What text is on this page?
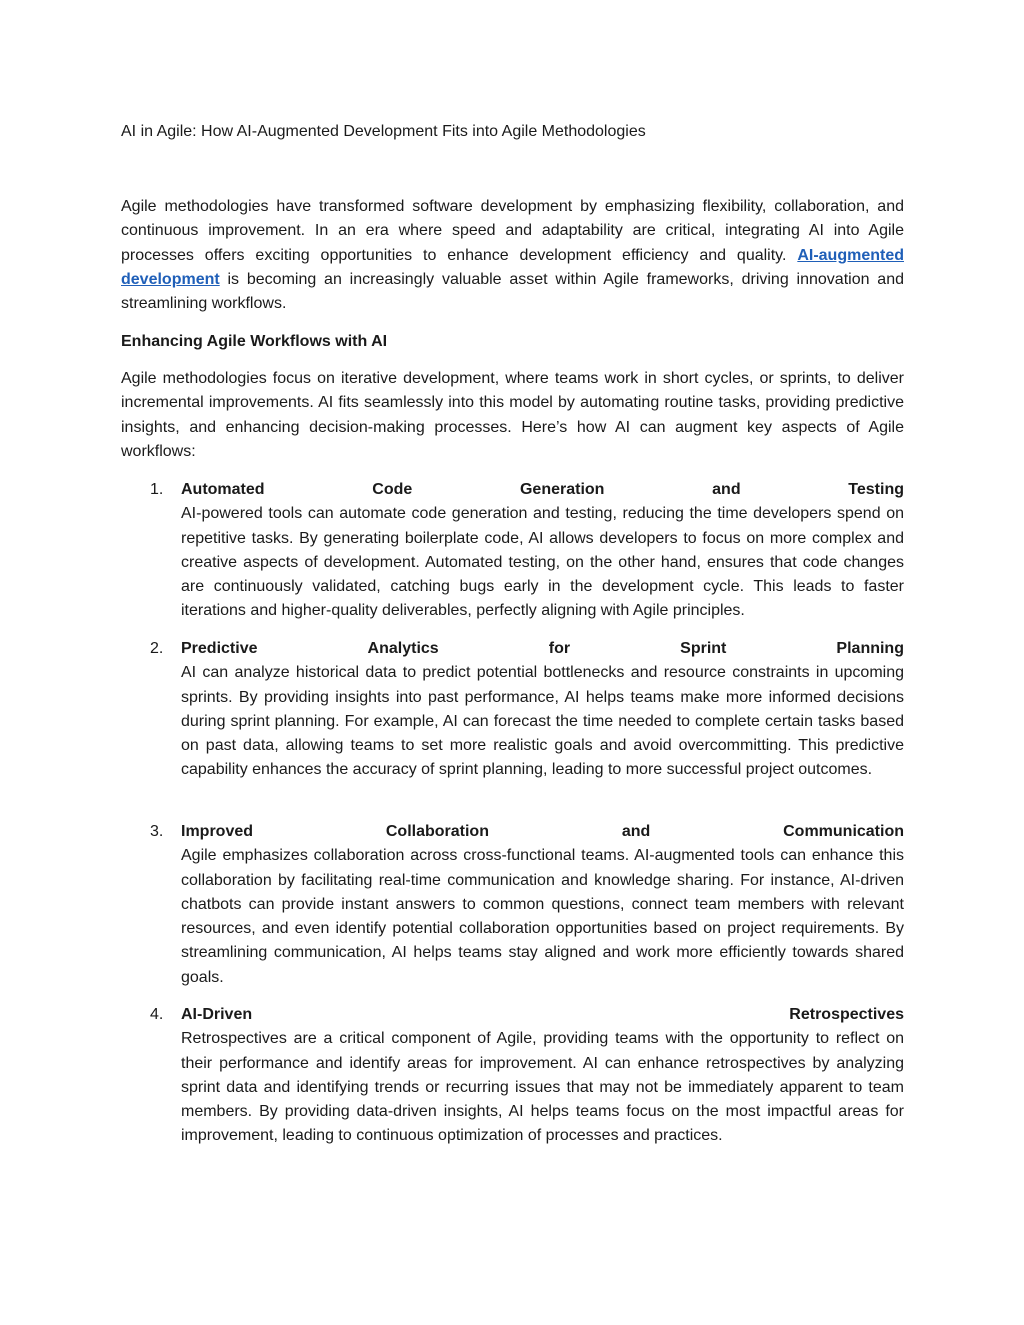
AI in Agile: How AI-Augmented Development Fits into Agile Methodologies

Agile methodologies have transformed software development by emphasizing flexibility, collaboration, and continuous improvement. In an era where speed and adaptability are critical, integrating AI into Agile processes offers exciting opportunities to enhance development efficiency and quality. AI-augmented development is becoming an increasingly valuable asset within Agile frameworks, driving innovation and streamlining workflows.

Enhancing Agile Workflows with AI

Agile methodologies focus on iterative development, where teams work in short cycles, or sprints, to deliver incremental improvements. AI fits seamlessly into this model by automating routine tasks, providing predictive insights, and enhancing decision-making processes. Here’s how AI can augment key aspects of Agile workflows:

1. Automated	Code	Generation	and	Testing

AI-powered tools can automate code generation and testing, reducing the time developers spend on repetitive tasks. By generating boilerplate code, AI allows developers to focus on more complex and creative aspects of development. Automated testing, on the other hand, ensures that code changes are continuously validated, catching bugs early in the development cycle. This leads to faster iterations and higher-quality deliverables, perfectly aligning with Agile principles.

2. Predictive	Analytics	for	Sprint	Planning

AI can analyze historical data to predict potential bottlenecks and resource constraints in upcoming sprints. By providing insights into past performance, AI helps teams make more informed decisions during sprint planning. For example, AI can forecast the time needed to complete certain tasks based on past data, allowing teams to set more realistic goals and avoid overcommitting. This predictive capability enhances the accuracy of sprint planning, leading to more successful project outcomes.

3. Improved	Collaboration	and	Communication

Agile emphasizes collaboration across cross-functional teams. AI-augmented tools can enhance this collaboration by facilitating real-time communication and knowledge sharing. For instance, AI-driven chatbots can provide instant answers to common questions, connect team members with relevant resources, and even identify potential collaboration opportunities based on project requirements. By streamlining communication, AI helps teams stay aligned and work more efficiently towards shared goals.

4. AI-Driven	Retrospectives

Retrospectives are a critical component of Agile, providing teams with the opportunity to reflect on their performance and identify areas for improvement. AI can enhance retrospectives by analyzing sprint data and identifying trends or recurring issues that may not be immediately apparent to team members. By providing data-driven insights, AI helps teams focus on the most impactful areas for improvement, leading to continuous optimization of processes and practices.
